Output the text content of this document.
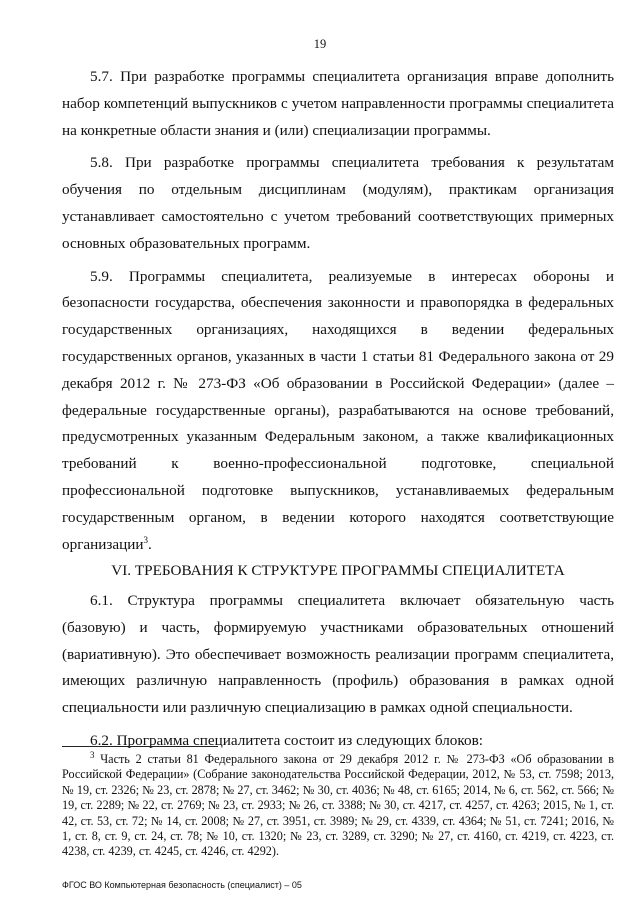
19

5.7. При разработке программы специалитета организация вправе дополнить набор компетенций выпускников с учетом направленности программы специалитета на конкретные области знания и (или) специализации программы.

5.8. При разработке программы специалитета требования к результатам обучения по отдельным дисциплинам (модулям), практикам организация устанавливает самостоятельно с учетом требований соответствующих примерных основных образовательных программ.

5.9. Программы специалитета, реализуемые в интересах обороны и безопасности государства, обеспечения законности и правопорядка в федеральных государственных организациях, находящихся в ведении федеральных государственных органов, указанных в части 1 статьи 81 Федерального закона от 29 декабря 2012 г. № 273-ФЗ «Об образовании в Российской Федерации» (далее – федеральные государственные органы), разрабатываются на основе требований, предусмотренных указанным Федеральным законом, а также квалификационных требований к военно-профессиональной подготовке, специальной профессиональной подготовке выпускников, устанавливаемых федеральным государственным органом, в ведении которого находятся соответствующие организации$^3$.

VI. ТРЕБОВАНИЯ К СТРУКТУРЕ ПРОГРАММЫ СПЕЦИАЛИТЕТА

6.1. Структура программы специалитета включает обязательную часть (базовую) и часть, формируемую участниками образовательных отношений (вариативную). Это обеспечивает возможность реализации программ специалитета, имеющих различную направленность (профиль) образования в рамках одной специальности или различную специализацию в рамках одной специальности.

6.2. Программа специалитета состоит из следующих блоков:

$^3$ Часть 2 статьи 81 Федерального закона от 29 декабря 2012 г. № 273-ФЗ «Об образовании в Российской Федерации» (Собрание законодательства Российской Федерации, 2012, № 53, ст. 7598; 2013, № 19, ст. 2326; № 23, ст. 2878; № 27, ст. 3462; № 30, ст. 4036; № 48, ст. 6165; 2014, № 6, ст. 562, ст. 566; № 19, ст. 2289; № 22, ст. 2769; № 23, ст. 2933; № 26, ст. 3388; № 30, ст. 4217, ст. 4257, ст. 4263; 2015, № 1, ст. 42, ст. 53, ст. 72; № 14, ст. 2008; № 27, ст. 3951, ст. 3989; № 29, ст. 4339, ст. 4364; № 51, ст. 7241; 2016, № 1, ст. 8, ст. 9, ст. 24, ст. 78; № 10, ст. 1320; № 23, ст. 3289, ст. 3290; № 27, ст. 4160, ст. 4219, ст. 4223, ст. 4238, ст. 4239, ст. 4245, ст. 4246, ст. 4292).

ФГОС ВО Компьютерная безопасность (специалист) – 05
